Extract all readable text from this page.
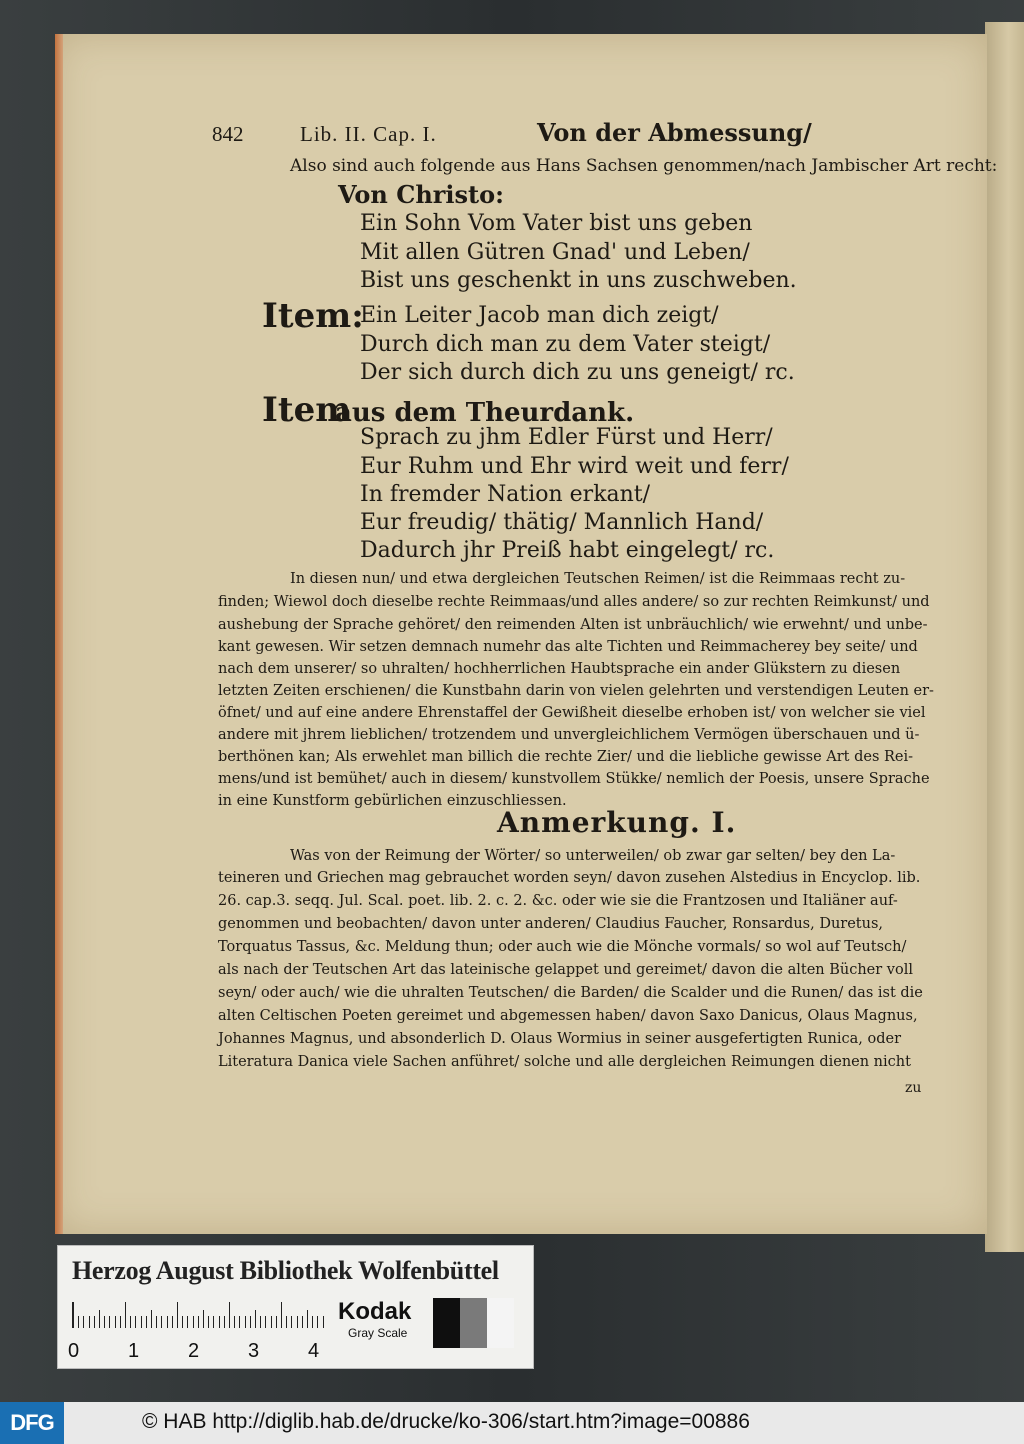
842	Lib. II. Cap. I.	Von der Abmessung/
Also sind auch folgende aus Hans Sachsen genommen/nach Jambischer Art recht:
Von Christo:
Ein Sohn Vom Vater bist uns geben
Mit allen Gütren Gnad' und Leben/
Bist uns geschenkt in uns zuschweben.
Item:
Ein Leiter Jacob man dich zeigt/
Durch dich man zu dem Vater steigt/
Der sich durch dich zu uns geneigt/ rc.
Item
aus dem Theurdank.
Sprach zu jhm Edler Fürst und Herr/
Eur Ruhm und Ehr wird weit und ferr/
In fremder Nation erkant/
Eur freudig/ thätig/ Mannlich Hand/
Dadurch jhr Preiß habt eingelegt/ rc.
In diesen nun/ und etwa dergleichen Teutschen Reimen/ ist die Reimmaas recht zu-
finden; Wiewol doch dieselbe rechte Reimmaas/und alles andere/ so zur rechten Reimkunst/ und
aushebung der Sprache gehöret/ den reimenden Alten ist unbräuchlich/ wie erwehnt/ und unbe-
kant gewesen. Wir setzen demnach numehr das alte Tichten und Reimmacherey bey seite/ und
nach dem unserer/ so uhralten/ hochherrlichen Haubtsprache ein ander Glükstern zu diesen
letzten Zeiten erschienen/ die Kunstbahn darin von vielen gelehrten und verstendigen Leuten er-
öfnet/ und auf eine andere Ehrenstaffel der Gewißheit dieselbe erhoben ist/ von welcher sie viel
andere mit jhrem lieblichen/ trotzendem und unvergleichlichem Vermögen überschauen und ü-
berthönen kan; Als erwehlet man billich die rechte Zier/ und die liebliche gewisse Art des Rei-
mens/und ist bemühet/ auch in diesem/ kunstvollem Stükke/ nemlich der Poesis, unsere Sprache
in eine Kunstform gebürlichen einzuschliessen.
Anmerkung. I.
Was von der Reimung der Wörter/ so unterweilen/ ob zwar gar selten/ bey den La-
teineren und Griechen mag gebrauchet worden seyn/ davon zusehen Alstedius in Encyclop. lib.
26. cap.3. seqq. Jul. Scal. poet. lib. 2. c. 2. &c. oder wie sie die Frantzosen und Italiäner auf-
genommen und beobachten/ davon unter anderen/ Claudius Faucher, Ronsardus, Duretus,
Torquatus Tassus, &c. Meldung thun; oder auch wie die Mönche vormals/ so wol auf Teutsch/
als nach der Teutschen Art das lateinische gelappet und gereimet/ davon die alten Bücher voll
seyn/ oder auch/ wie die uhralten Teutschen/ die Barden/ die Scalder und die Runen/ das ist die
alten Celtischen Poeten gereimet und abgemessen haben/ davon Saxo Danicus, Olaus Magnus,
Johannes Magnus, und absonderlich D. Olaus Wormius in seiner ausgefertigten Runica, oder
Literatura Danica viele Sachen anführet/ solche und alle dergleichen Reimungen dienen nicht
zu
Herzog August Bibliothek Wolfenbüttel
0 1 2 3 4
Kodak
Gray Scale
DFG	© HAB http://diglib.hab.de/drucke/ko-306/start.htm?image=00886
